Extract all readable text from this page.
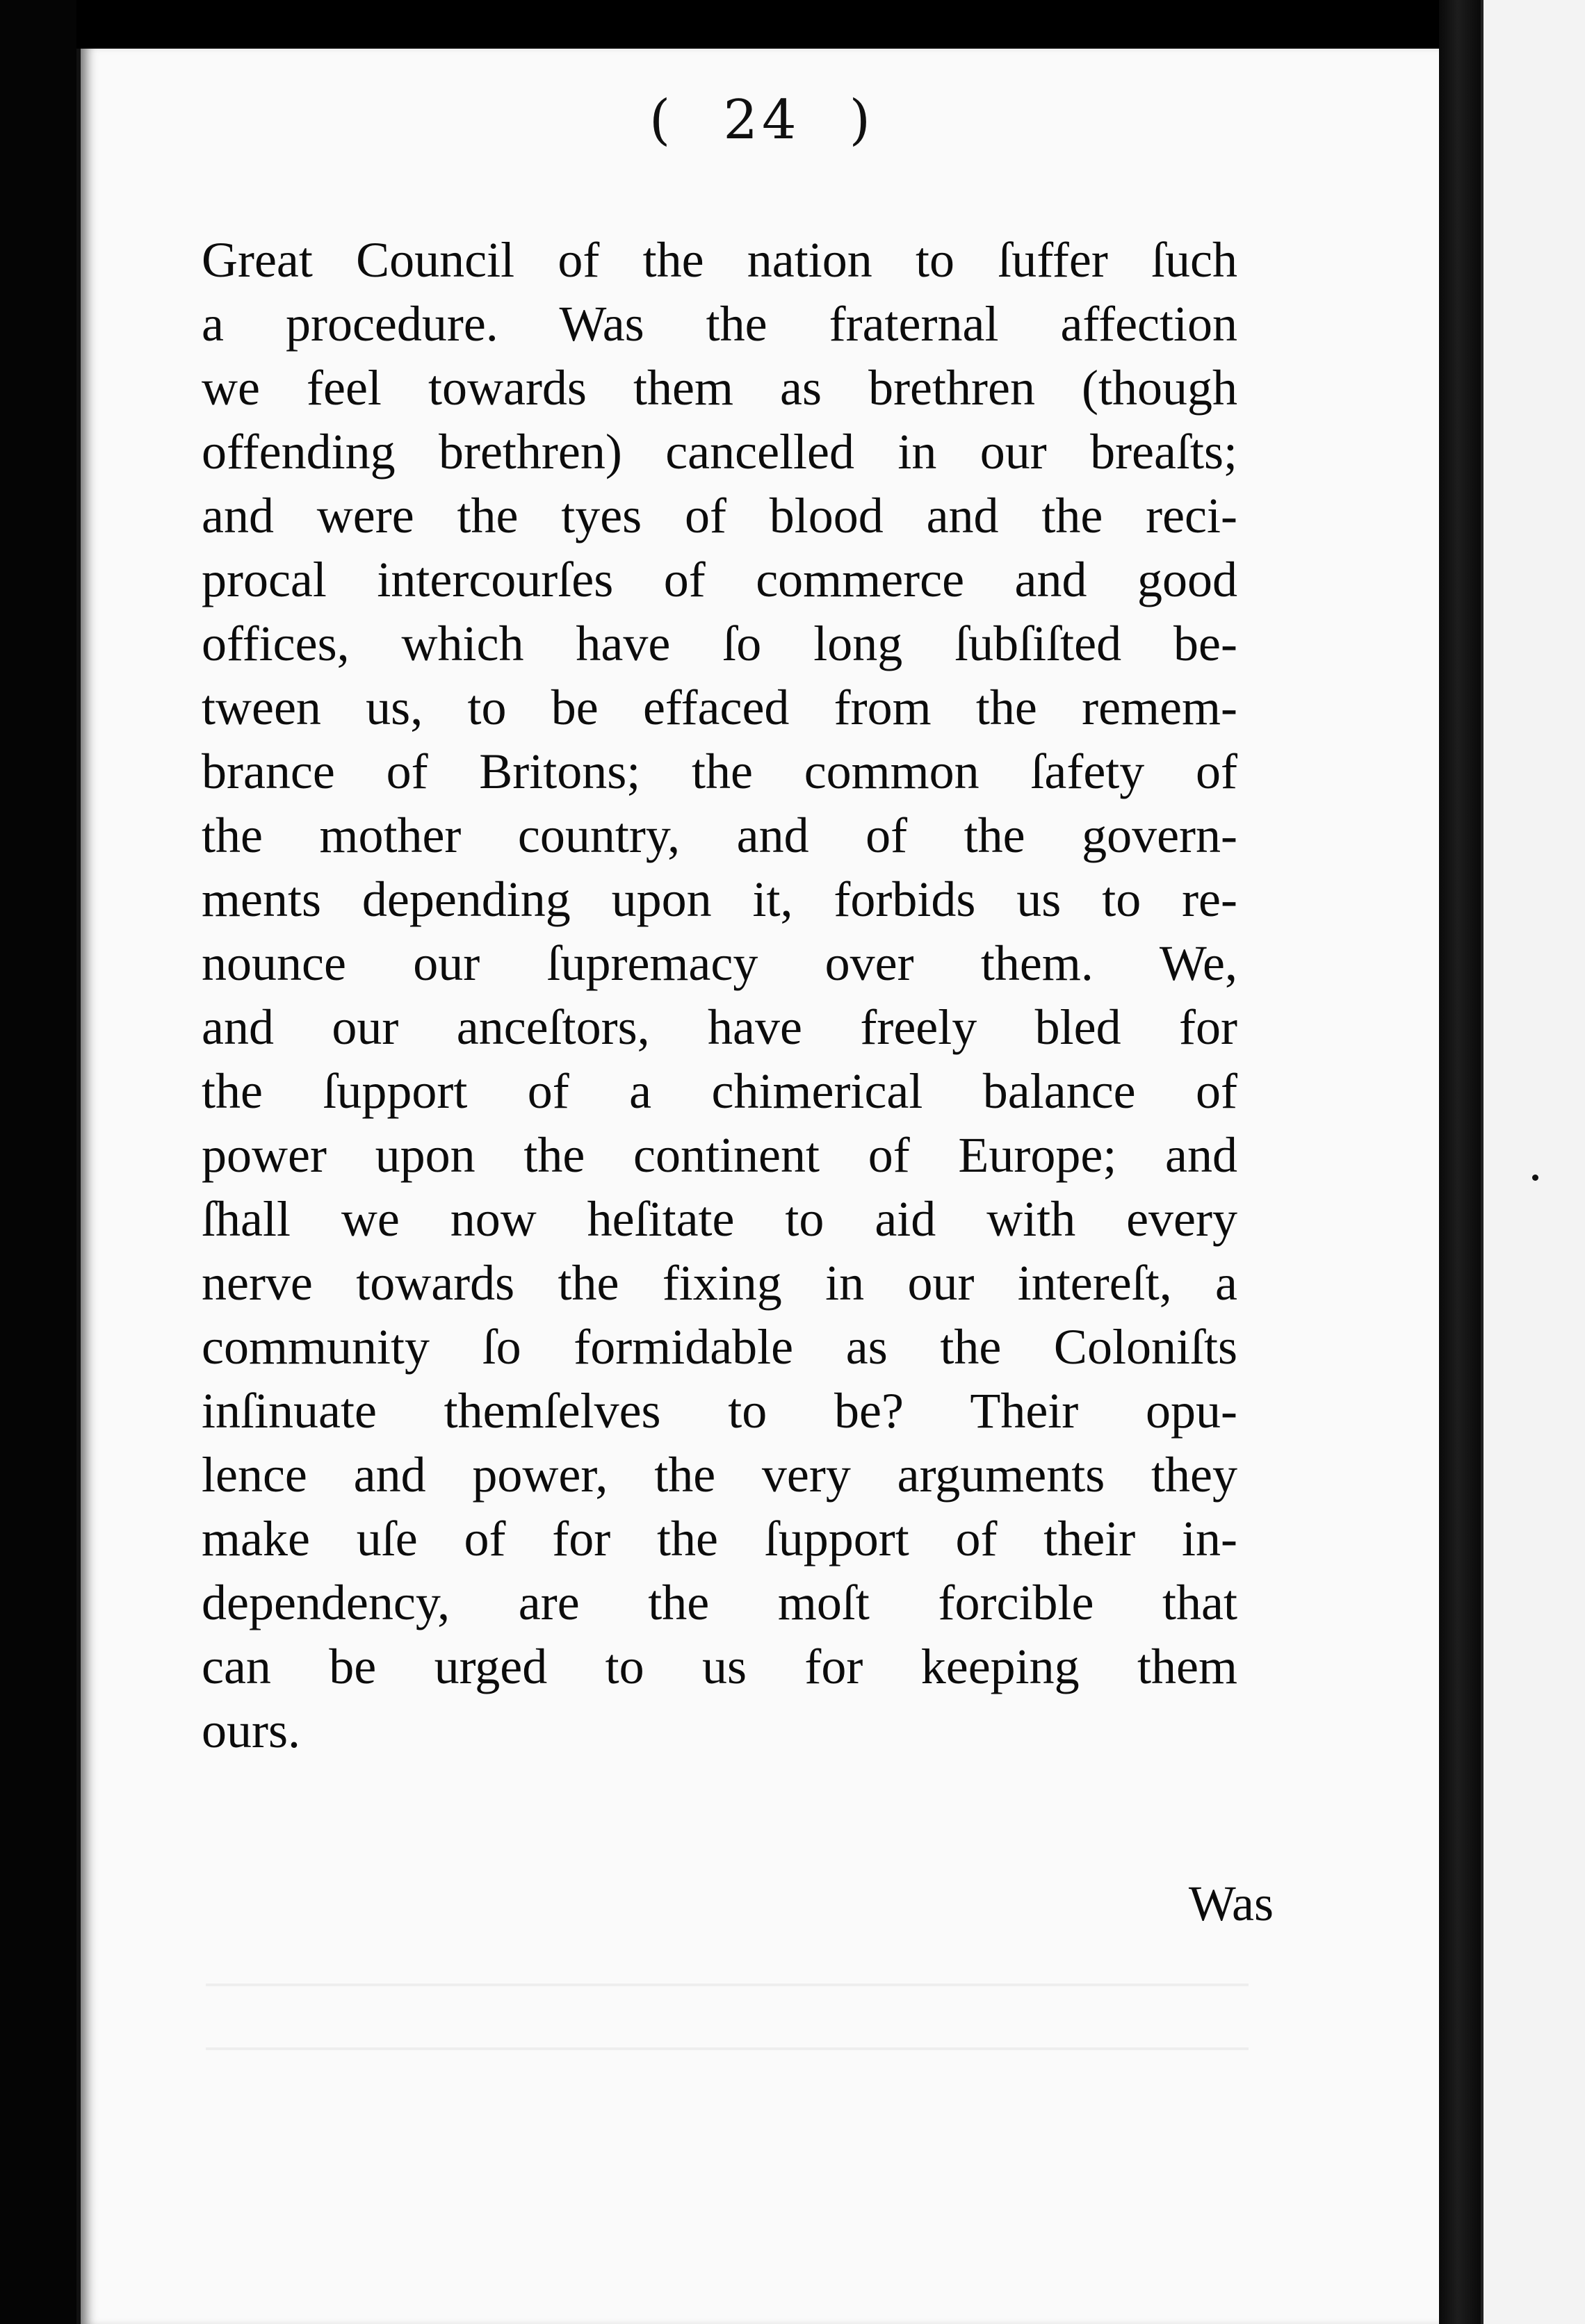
( 24 )
Great Council of the nation to ſuffer ſuch
a procedure. Was the fraternal affection
we feel towards them as brethren (though
offending brethren) cancelled in our breaſts;
and were the tyes of blood and the reci-
procal intercourſes of commerce and good
offices, which have ſo long ſubſiſted be-
tween us, to be effaced from the remem-
brance of Britons; the common ſafety of
the mother country, and of the govern-
ments depending upon it, forbids us to re-
nounce our ſupremacy over them. We,
and our anceſtors, have freely bled for
the ſupport of a chimerical balance of
power upon the continent of Europe; and
ſhall we now heſitate to aid with every
nerve towards the fixing in our intereſt, a
community ſo formidable as the Coloniſts
inſinuate themſelves to be? Their opu-
lence and power, the very arguments they
make uſe of for the ſupport of their in-
dependency, are the moſt forcible that
can be urged to us for keeping them
ours.
Was
